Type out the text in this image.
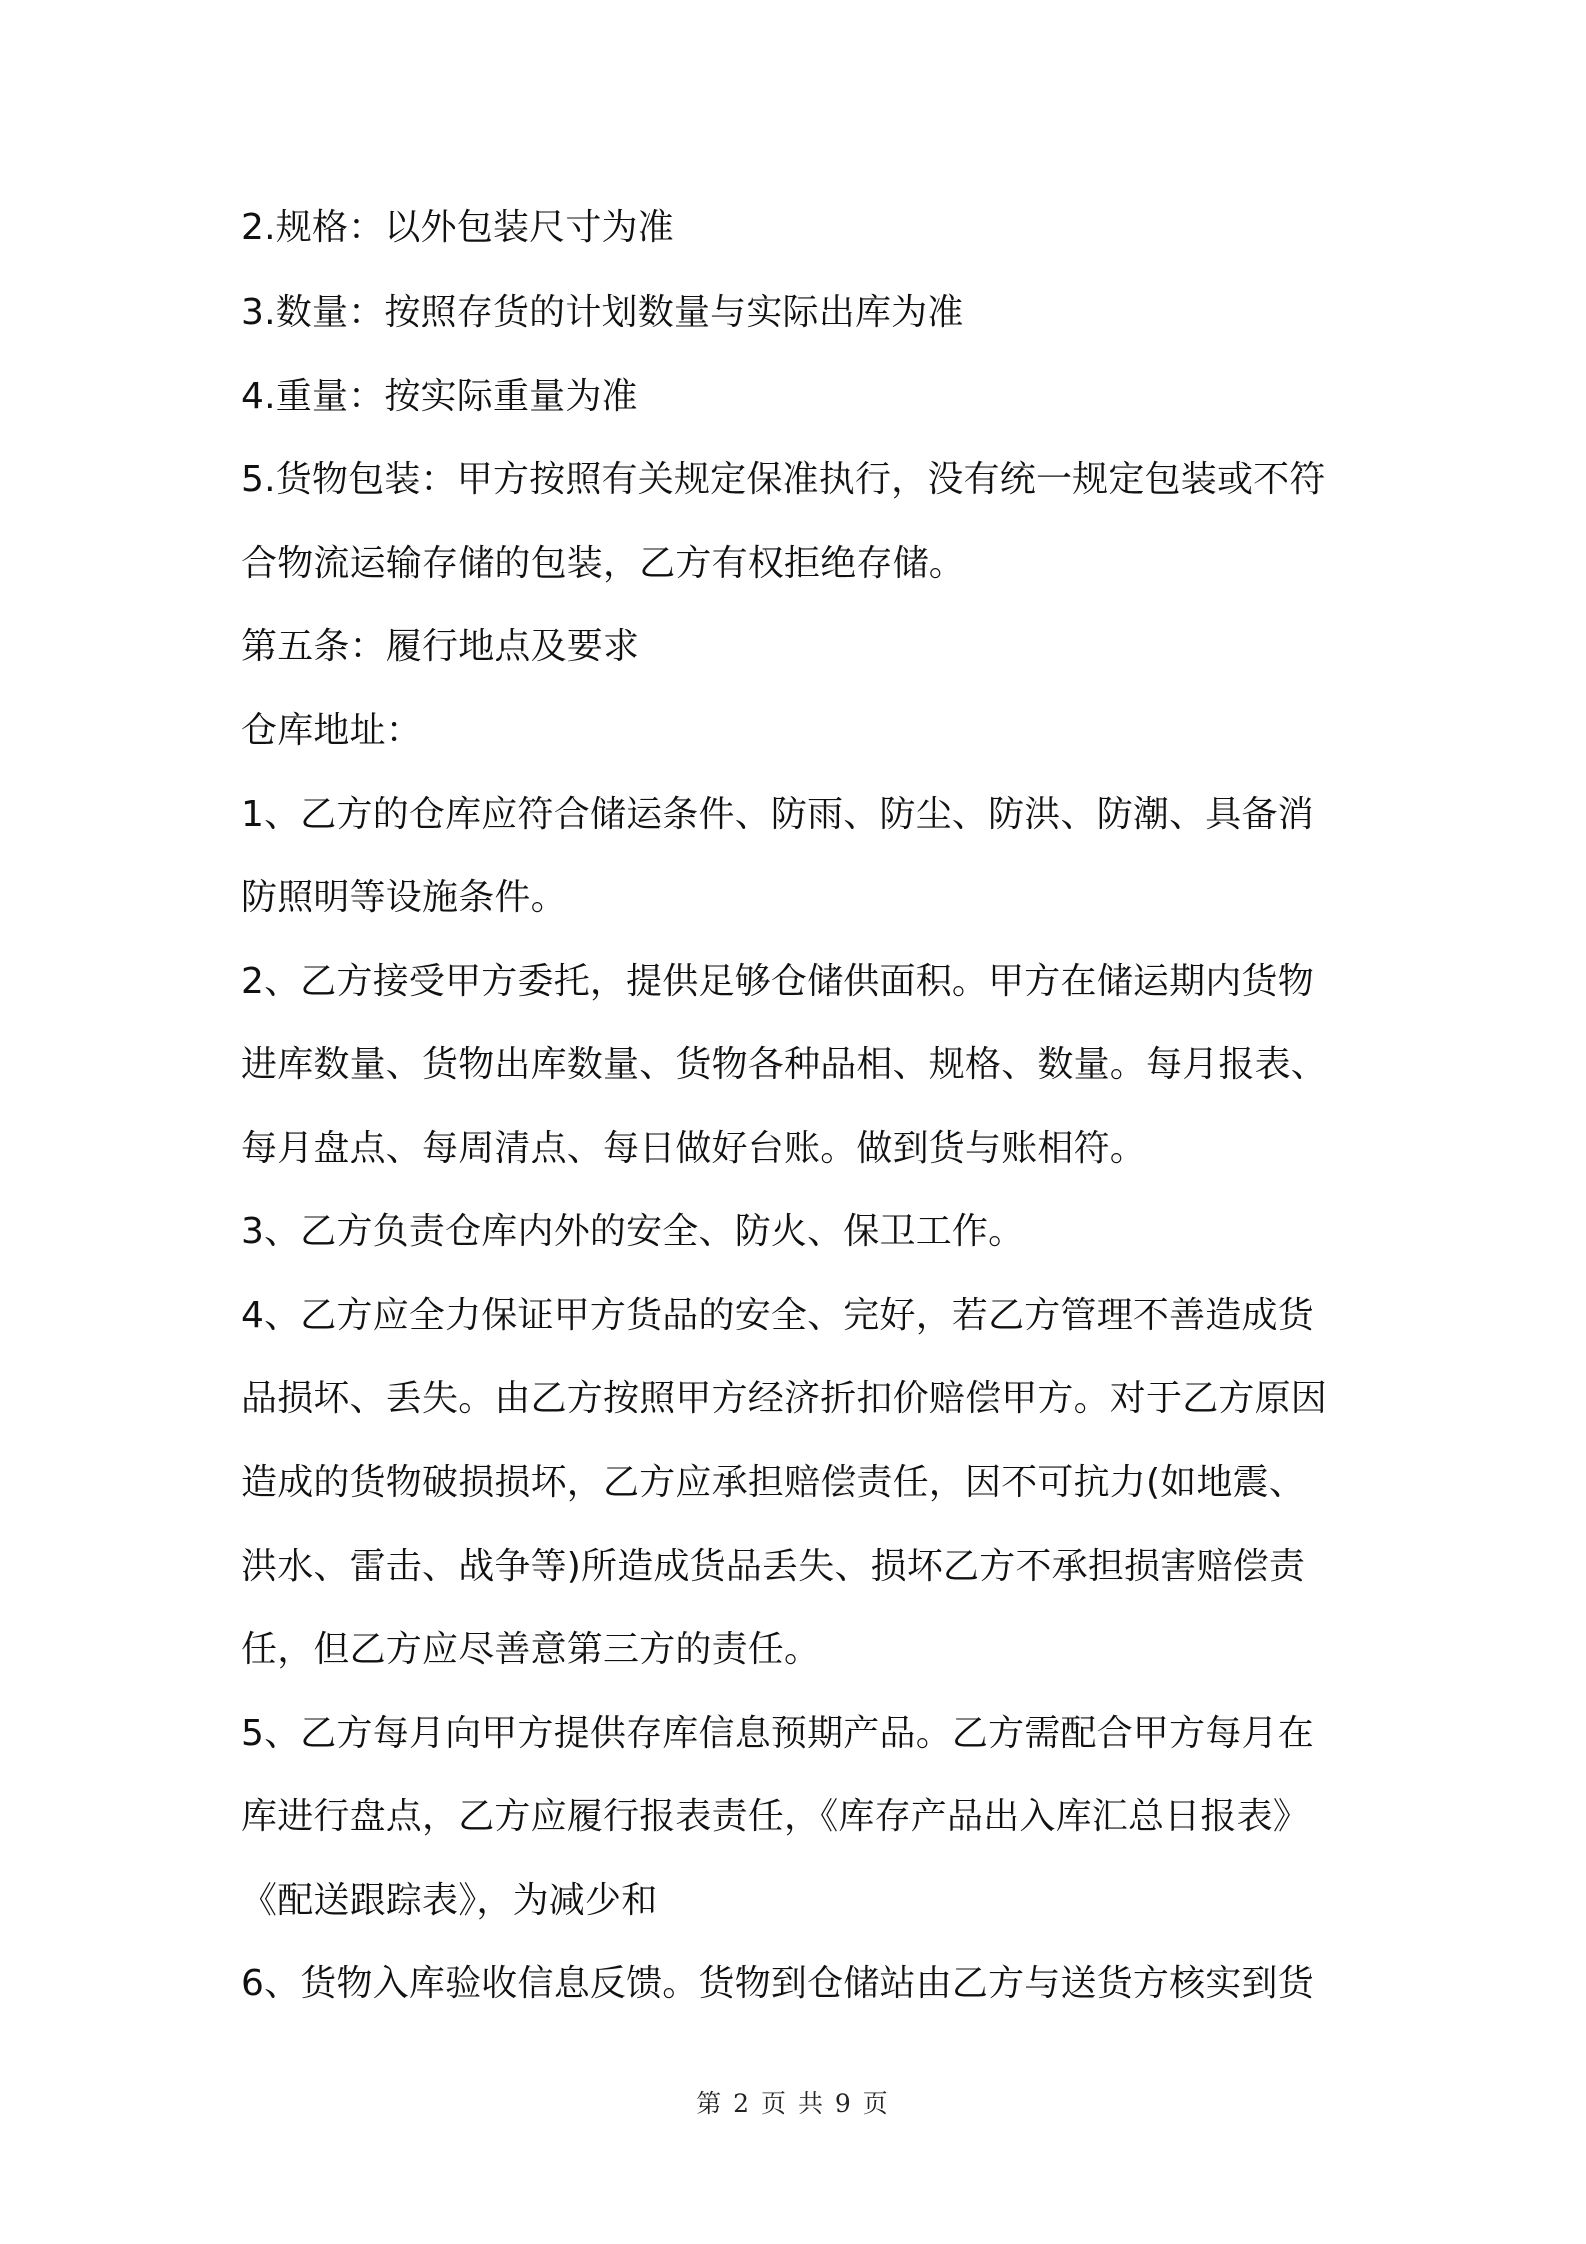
2.规格：以外包装尺寸为准
3.数量：按照存货的计划数量与实际出库为准
4.重量：按实际重量为准
5.货物包装：甲方按照有关规定保准执行，没有统一规定包装或不符
合物流运输存储的包装，乙方有权拒绝存储。
第五条：履行地点及要求
仓库地址：
1、乙方的仓库应符合储运条件、防雨、防尘、防洪、防潮、具备消
防照明等设施条件。
2、乙方接受甲方委托，提供足够仓储供面积。甲方在储运期内货物
进库数量、货物出库数量、货物各种品相、规格、数量。每月报表、
每月盘点、每周清点、每日做好台账。做到货与账相符。
3、乙方负责仓库内外的安全、防火、保卫工作。
4、乙方应全力保证甲方货品的安全、完好，若乙方管理不善造成货
品损坏、丢失。由乙方按照甲方经济折扣价赔偿甲方。对于乙方原因
造成的货物破损损坏，乙方应承担赔偿责任，因不可抗力(如地震、
洪水、雷击、战争等)所造成货品丢失、损坏乙方不承担损害赔偿责
任，但乙方应尽善意第三方的责任。
5、乙方每月向甲方提供存库信息预期产品。乙方需配合甲方每月在
库进行盘点，乙方应履行报表责任，《库存产品出入库汇总日报表》
《配送跟踪表》，为减少和
6、货物入库验收信息反馈。货物到仓储站由乙方与送货方核实到货
第 2 页 共 9 页
